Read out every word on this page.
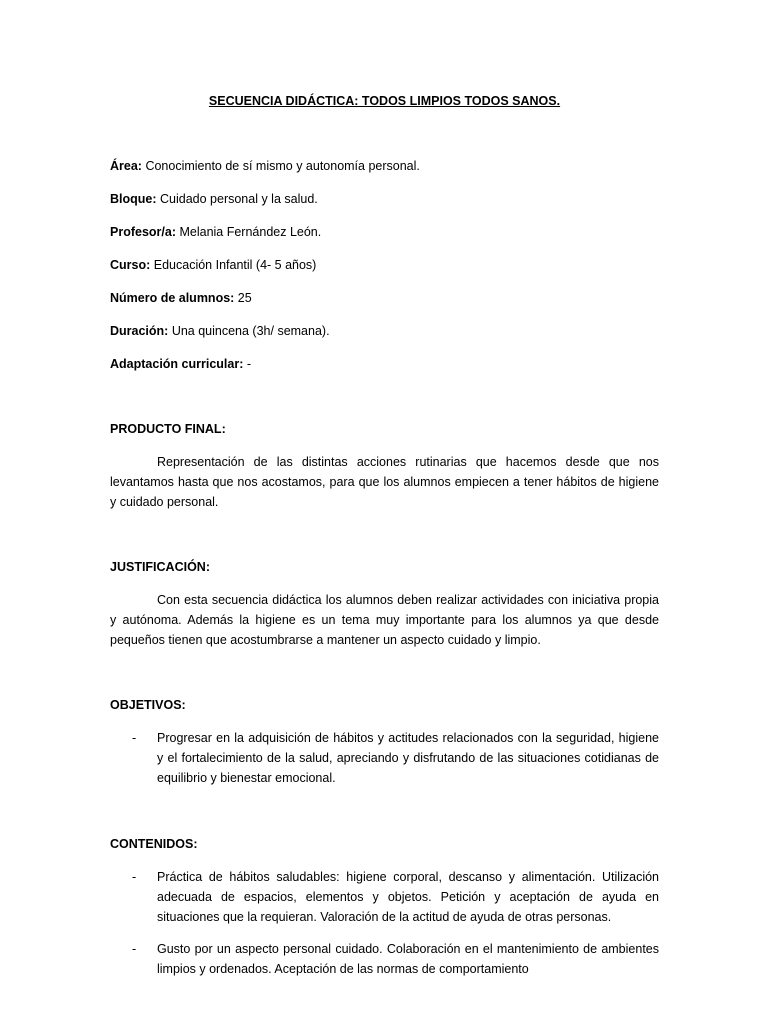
SECUENCIA DIDÁCTICA: TODOS LIMPIOS TODOS SANOS.
Área: Conocimiento de sí mismo y autonomía personal.
Bloque: Cuidado personal y la salud.
Profesor/a: Melania Fernández León.
Curso: Educación Infantil (4- 5 años)
Número de alumnos: 25
Duración: Una quincena (3h/ semana).
Adaptación curricular: -
PRODUCTO FINAL:

Representación de las distintas acciones rutinarias que hacemos desde que nos levantamos hasta que nos acostamos, para que los alumnos empiecen a tener hábitos de higiene y cuidado personal.

JUSTIFICACIÓN:

Con esta secuencia didáctica los alumnos deben realizar actividades con iniciativa propia y autónoma. Además la higiene es un tema muy importante para los alumnos ya que desde pequeños tienen que acostumbrarse a mantener un aspecto cuidado y limpio.

OBJETIVOS:
- Progresar en la adquisición de hábitos y actitudes relacionados con la seguridad, higiene y el fortalecimiento de la salud, apreciando y disfrutando de las situaciones cotidianas de equilibrio y bienestar emocional.

CONTENIDOS:
- Práctica de hábitos saludables: higiene corporal, descanso y alimentación. Utilización adecuada de espacios, elementos y objetos. Petición y aceptación de ayuda en situaciones que la requieran. Valoración de la actitud de ayuda de otras personas.

- Gusto por un aspecto personal cuidado. Colaboración en el mantenimiento de ambientes limpios y ordenados. Aceptación de las normas de comportamiento
